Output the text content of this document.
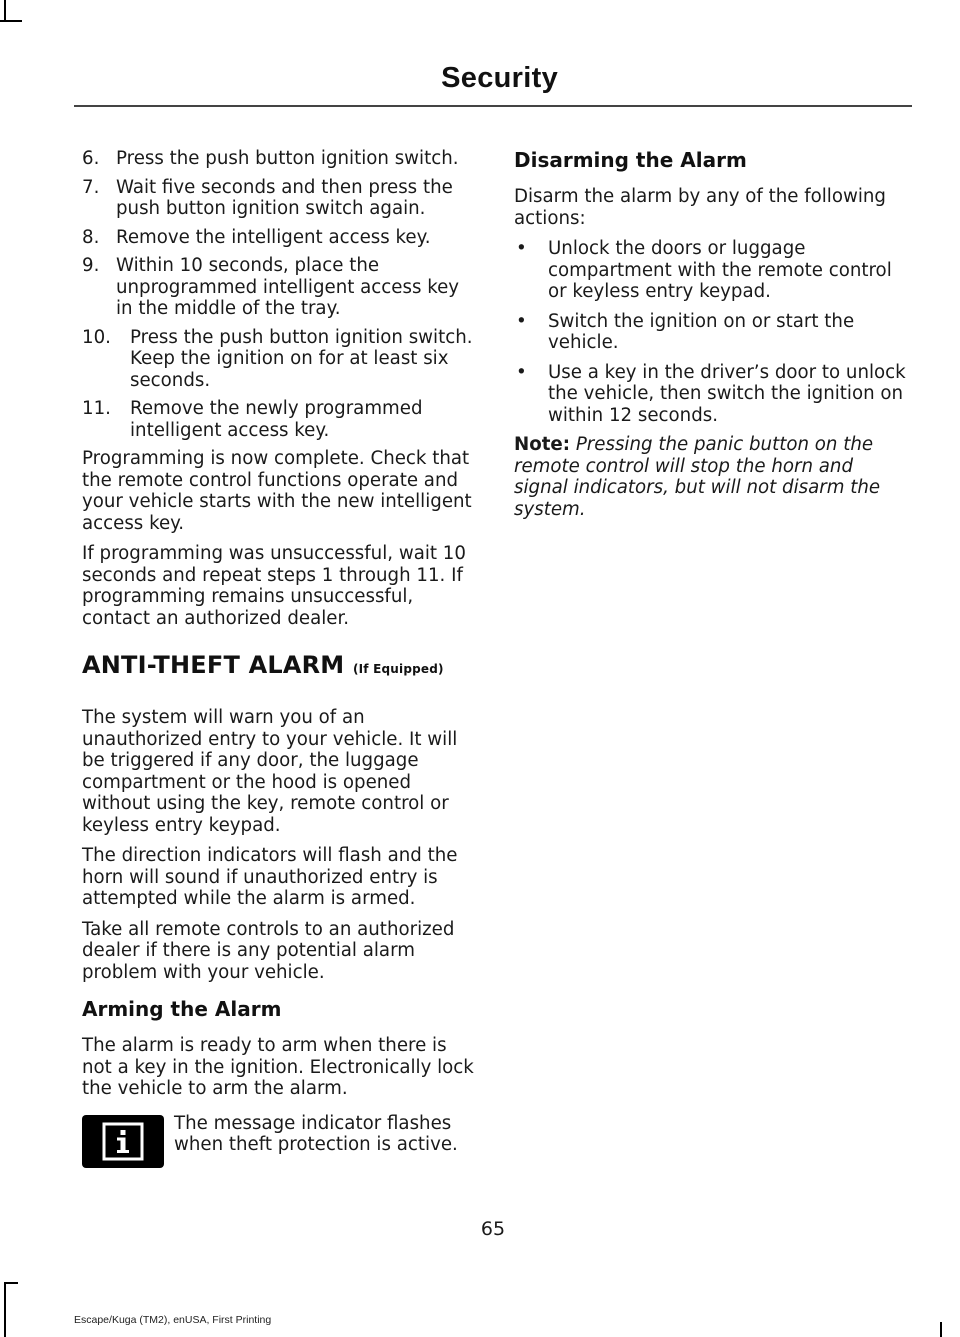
Security
6. Press the push button ignition switch.
7. Wait five seconds and then press the push button ignition switch again.
8. Remove the intelligent access key.
9. Within 10 seconds, place the unprogrammed intelligent access key in the middle of the tray.
10. Press the push button ignition switch. Keep the ignition on for at least six seconds.
11. Remove the newly programmed intelligent access key.

Programming is now complete. Check that the remote control functions operate and your vehicle starts with the new intelligent access key.

If programming was unsuccessful, wait 10 seconds and repeat steps 1 through 11. If programming remains unsuccessful, contact an authorized dealer.

ANTI-THEFT ALARM (If Equipped)

The system will warn you of an unauthorized entry to your vehicle. It will be triggered if any door, the luggage compartment or the hood is opened without using the key, remote control or keyless entry keypad.

The direction indicators will flash and the horn will sound if unauthorized entry is attempted while the alarm is armed.

Take all remote controls to an authorized dealer if there is any potential alarm problem with your vehicle.

Arming the Alarm

The alarm is ready to arm when there is not a key in the ignition. Electronically lock the vehicle to arm the alarm.

The message indicator flashes when theft protection is active.
Disarming the Alarm

Disarm the alarm by any of the following actions:

• Unlock the doors or luggage compartment with the remote control or keyless entry keypad.
• Switch the ignition on or start the vehicle.
• Use a key in the driver’s door to unlock the vehicle, then switch the ignition on within 12 seconds.

Note: Pressing the panic button on the remote control will stop the horn and signal indicators, but will not disarm the system.

65
Escape/Kuga (TM2), enUSA, First Printing
